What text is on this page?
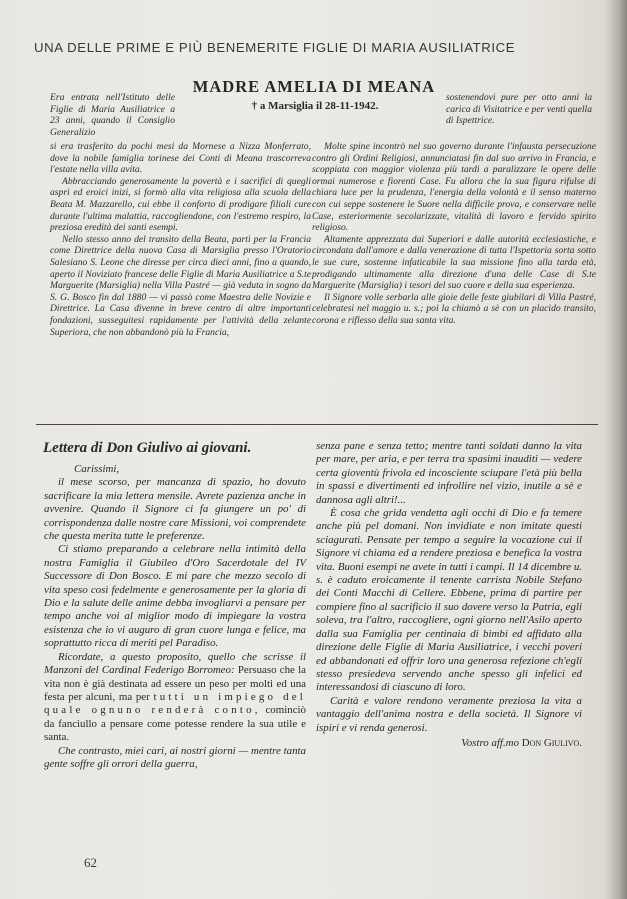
UNA DELLE PRIME E PIÙ BENEMERITE FIGLIE DI MARIA AUSILIATRICE
MADRE AMELIA DI MEANA
† a Marsiglia il 28-11-1942.

Era entrata nell'Istituto delle Figlie di Maria Ausiliatrice a 23 anni, quando il Consiglio Generalizio

sostenendovi pure per otto anni la carica di Visitatrice e per venti quella di Ispettrice.

si era trasferito da pochi mesi da Mornese a Nizza Monferrato, dove la nobile famiglia torinese dei Conti di Meana trascorreva l'estate nella villa avita.

Abbracciando generosamente la povertà e i sacrifici di quegli aspri ed eroici inizi, si formò alla vita religiosa alla scuola della Beata M. Mazzarello, cui ebbe il conforto di prodigare filiali cure durante l'ultima malattia, raccogliendone, con l'estremo respiro, la preziosa eredità dei santi esempi.

Nello stesso anno del transito della Beata, partì per la Francia come Direttrice della nuova Casa di Marsiglia presso l'Oratorio Salesiano S. Leone che diresse per circa dieci anni, fino a quando, aperto il Noviziato francese delle Figlie di Maria Ausiliatrice a S.te Marguerite (Marsiglia) nella Villa Pastré — già veduta in sogno da S. G. Bosco fin dal 1880 — vi passò come Maestra delle Novizie e Direttrice. La Casa divenne in breve centro di altre importanti fondazioni, susseguitesi rapidamente per l'attività della zelante Superiora, che non abbandonò più la Francia,

Molte spine incontrò nel suo governo durante l'infausta persecuzione contro gli Ordini Religiosi, annunciatasi fin dal suo arrivo in Francia, e scoppiata con maggior violenza più tardi a paralizzare le opere delle ormai numerose e fiorenti Case. Fu allora che la sua figura rifulse di chiara luce per la prudenza, l'energia della volontà e il senso materno con cui seppe sostenere le Suore nella difficile prova, e conservare nelle Case, esteriormente secolarizzate, vitalità di lavoro e fervido spirito religioso.

Altamente apprezzata dai Superiori e dalle autorità ecclesiastiche, e circondata dall'amore e dalla venerazione di tutta l'Ispettoria sorta sotto le sue cure, sostenne infaticabile la sua missione fino alla tarda età, prodigando ultimamente alla direzione d'una delle Case di S.te Marguerite (Marsiglia) i tesori del suo cuore e della sua esperienza.

Il Signore volle serbarla alle gioie delle feste giubilari di Villa Pastré, celebratesi nel maggio u. s.; poi la chiamò a sè con un placido transito, corona e riflesso della sua santa vita.

Lettera di Don Giulivo ai giovani.

Carissimi,

il mese scorso, per mancanza di spazio, ho dovuto sacrificare la mia lettera mensile. Avrete pazienza anche in avvenire. Quando il Signore ci fa giungere un po' di corrispondenza dalle nostre care Missioni, voi comprendete che questa merita tutte le preferenze.

Ci stiamo preparando a celebrare nella intimità della nostra Famiglia il Giubileo d'Oro Sacerdotale del IV Successore di Don Bosco. E mi pare che mezzo secolo di vita speso così fedelmente e generosamente per la gloria di Dio e la salute delle anime debba invogliarvi a pensare per tempo anche voi al miglior modo di impiegare la vostra esistenza che io vi auguro di gran cuore lunga e felice, ma soprattutto ricca di meriti pel Paradiso.

Ricordate, a questo proposito, quello che scrisse il Manzoni del Cardinal Federigo Borromeo: Persuaso che la vita non è già destinata ad essere un peso per molti ed una festa per alcuni, ma per tutti un impiego del quale ognuno renderà conto, cominciò da fanciullo a pensare come potesse rendere la sua utile e santa.

Che contrasto, miei cari, ai nostri giorni — mentre tanta gente soffre gli orrori della guerra,

senza pane e senza tetto; mentre tanti soldati danno la vita per mare, per aria, e per terra tra spasimi inauditi — vedere certa gioventù frivola ed incosciente sciupare l'età più bella in spassi e divertimenti ed infrollire nel vizio, inutile a sè e dannosa agli altri!...

È cosa che grida vendetta agli occhi di Dio e fa temere anche più pel domani. Non invidiate e non imitate questi sciagurati. Pensate per tempo a seguire la vocazione cui il Signore vi chiama ed a rendere preziosa e benefica la vostra vita. Buoni esempi ne avete in tutti i campi. Il 14 dicembre u. s. è caduto eroicamente il tenente carrista Nobile Stefano dei Conti Macchi di Cellere. Ebbene, prima di partire per compiere fino al sacrificio il suo dovere verso la Patria, egli soleva, tra l'altro, raccogliere, ogni giorno nell'Asilo aperto dalla sua Famiglia per centinaia di bimbi ed affidato alla direzione delle Figlie di Maria Ausiliatrice, i vecchi poveri ed abbandonati ed offrir loro una generosa refezione ch'egli stesso presiedeva servendo anche spesso gli infelici ed interessandosi di ciascuno di loro.

Carità e valore rendono veramente preziosa la vita a vantaggio dell'anima nostra e della società. Il Signore vi ispiri e vi renda generosi.

Vostro aff.mo Don Giulivo.

62
